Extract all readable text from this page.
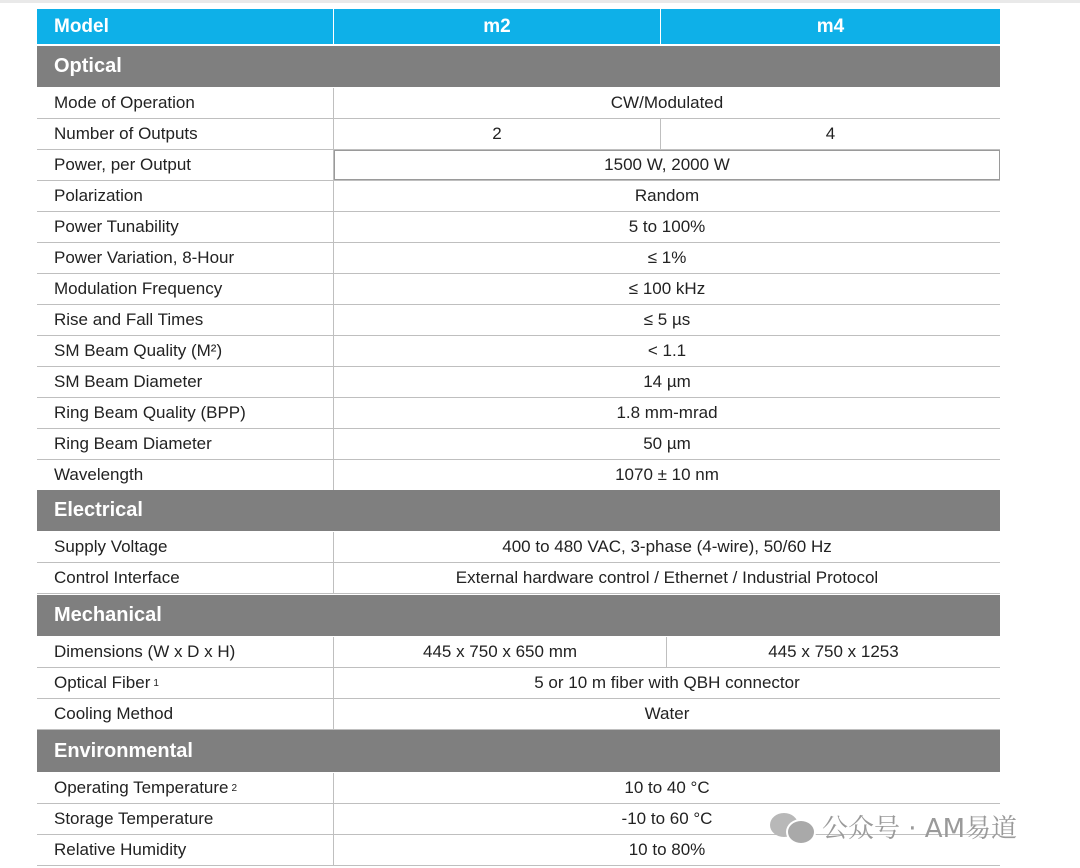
Model	m2	m4
Optical
Mode of Operation	CW/Modulated
Number of Outputs	2	4
Power, per Output	1500 W, 2000 W
Polarization	Random
Power Tunability	5 to 100%
Power Variation, 8-Hour	≤ 1%
Modulation Frequency	≤ 100 kHz
Rise and Fall Times	≤ 5 µs
SM Beam Quality (M²)	< 1.1
SM Beam Diameter	14 µm
Ring Beam Quality (BPP)	1.8 mm-mrad
Ring Beam Diameter	50 µm
Wavelength	1070 ± 10 nm
Electrical
Supply Voltage	400 to 480 VAC, 3-phase (4-wire), 50/60 Hz
Control Interface	External hardware control / Ethernet / Industrial Protocol
Mechanical
Dimensions (W x D x H)	445 x 750 x 650 mm	445 x 750 x 1253
Optical Fiber 1	5 or 10 m fiber with QBH connector
Cooling Method	Water
Environmental
Operating Temperature 2	10 to 40 °C
Storage Temperature	-10 to 60 °C
Relative Humidity	10 to 80%
公众号 · AM易道
